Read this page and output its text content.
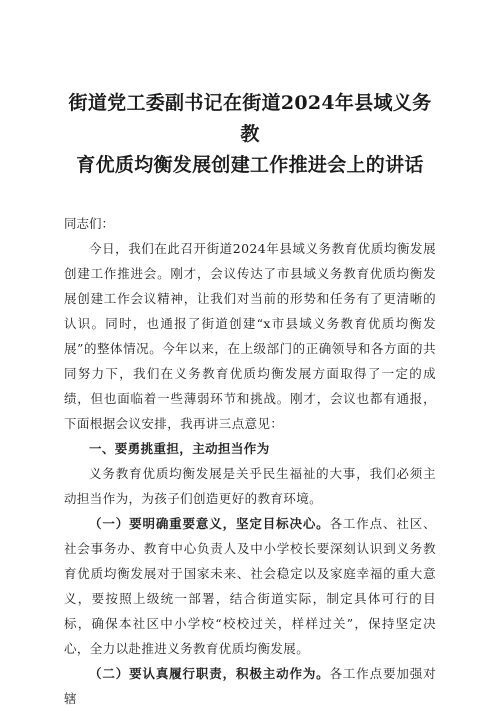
街道党工委副书记在街道2024年县域义务教
育优质均衡发展创建工作推进会上的讲话

同志们：

今日，我们在此召开街道2024年县域义务教育优质均衡发展创建工作推进会。刚才，会议传达了市县域义务教育优质均衡发展创建工作会议精神，让我们对当前的形势和任务有了更清晰的认识。同时，也通报了街道创建“x市县域义务教育优质均衡发展”的整体情况。今年以来，在上级部门的正确领导和各方面的共同努力下，我们在义务教育优质均衡发展方面取得了一定的成绩，但也面临着一些薄弱环节和挑战。刚才，会议也都有通报，下面根据会议安排，我再讲三点意见：

一、要勇挑重担，主动担当作为

义务教育优质均衡发展是关乎民生福祉的大事，我们必须主动担当作为，为孩子们创造更好的教育环境。

（一）要明确重要意义，坚定目标决心。各工作点、社区、社会事务办、教育中心负责人及中小学校长要深刻认识到义务教育优质均衡发展对于国家未来、社会稳定以及家庭幸福的重大意义，要按照上级统一部署，结合街道实际，制定具体可行的目标，确保本社区中小学校“校校过关，样样过关”，保持坚定决心，全力以赴推进义务教育优质均衡发展。

（二）要认真履行职责，积极主动作为。各工作点要加强对辖
